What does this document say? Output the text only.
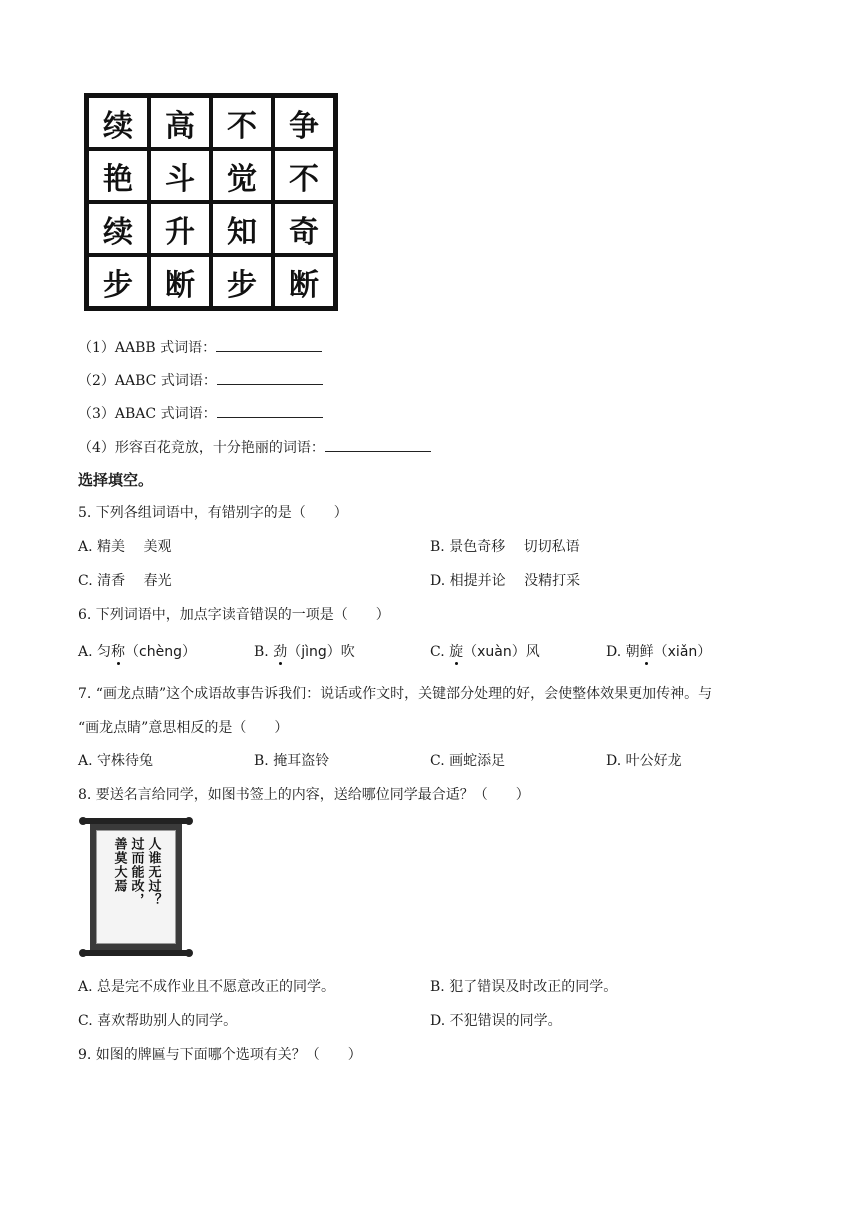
续	高	不	争
艳	斗	觉	不
续	升	知	奇
步	断	步	断
（1）AABB 式词语：
（2）AABC 式词语：
（3）ABAC 式词语：
（4）形容百花竞放，十分艳丽的词语：
选择填空。
5. 下列各组词语中，有错别字的是（　　）
A. 精美　 美观	B. 景色奇移　 切切私语
C. 清香　 春光	D. 相提并论　 没精打采
6. 下列词语中，加点字读音错误的一项是（　　）
A. 匀称（chèng）	B. 劲（jìng）吹	C. 旋（xuàn）风	D. 朝鲜（xiǎn）
7. “画龙点睛”这个成语故事告诉我们：说话或作文时，关键部分处理的好，会使整体效果更加传神。与
“画龙点睛”意思相反的是（　　）
A. 守株待兔	B. 掩耳盗铃	C. 画蛇添足	D. 叶公好龙
8. 要送名言给同学，如图书签上的内容，送给哪位同学最合适？（　　）
人谁无过？
过而能改，
善莫大焉
A. 总是完不成作业且不愿意改正的同学。	B. 犯了错误及时改正的同学。
C. 喜欢帮助别人的同学。	D. 不犯错误的同学。
9. 如图的牌匾与下面哪个选项有关？（　　）
